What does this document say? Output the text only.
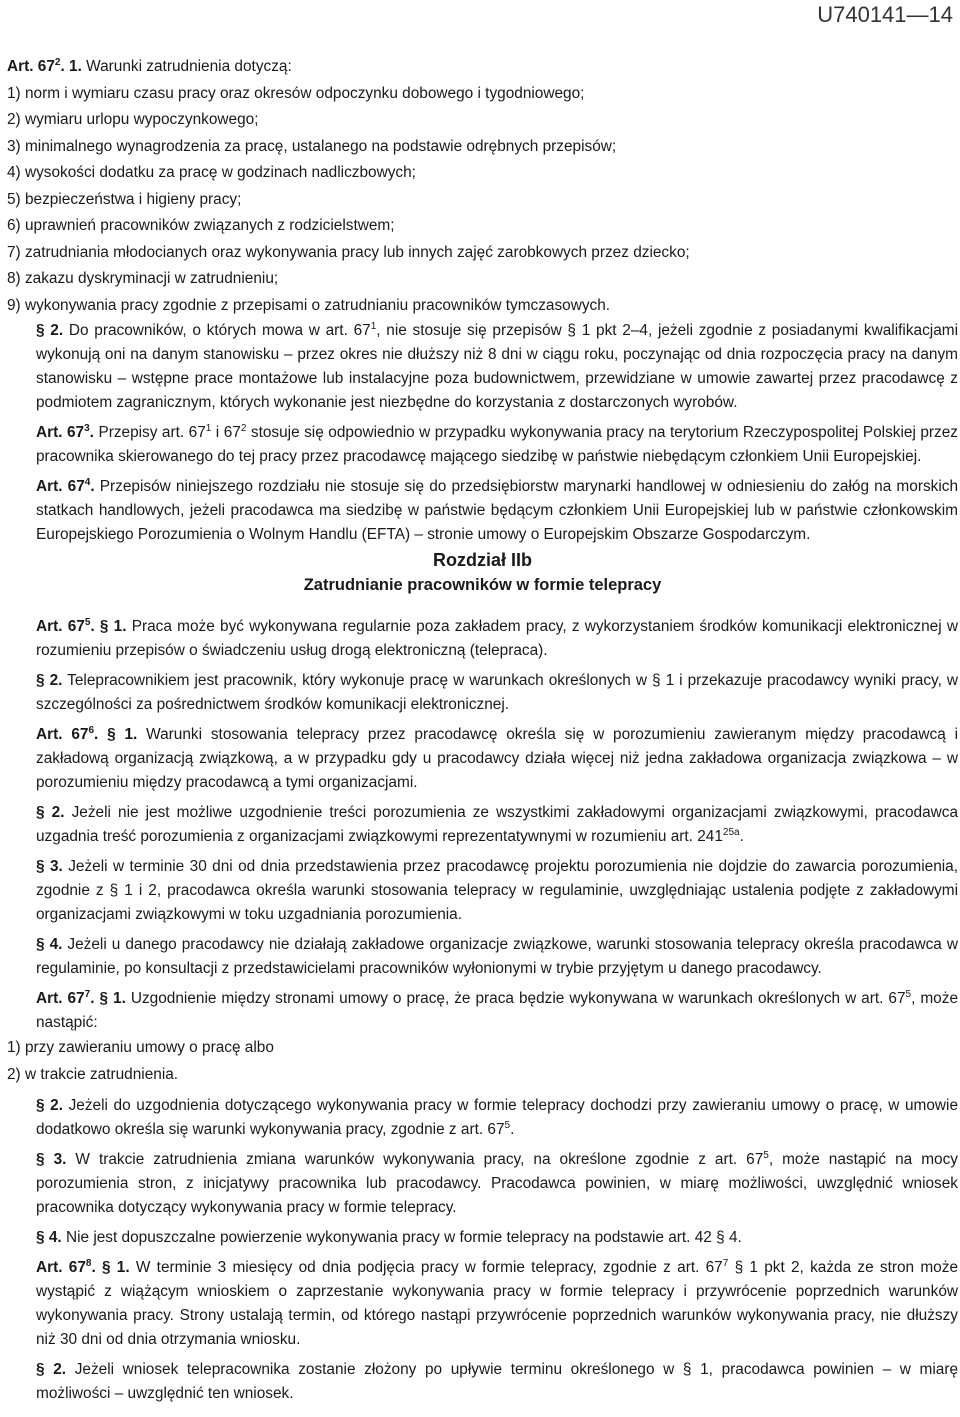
U740141—14

Art. $67^2$. 1. Warunki zatrudnienia dotyczą:

1) norm i wymiaru czasu pracy oraz okresów odpoczynku dobowego i tygodniowego;

2) wymiaru urlopu wypoczynkowego;

3) minimalnego wynagrodzenia za pracę, ustalanego na podstawie odrębnych przepisów;

4) wysokości dodatku za pracę w godzinach nadliczbowych;

5) bezpieczeństwa i higieny pracy;

6) uprawnień pracowników związanych z rodzicielstwem;

7) zatrudniania młodocianych oraz wykonywania pracy lub innych zajęć zarobkowych przez dziecko;

8) zakazu dyskryminacji w zatrudnieniu;

9) wykonywania pracy zgodnie z przepisami o zatrudnianiu pracowników tymczasowych.

§ 2. Do pracowników, o których mowa w art. $67^1$, nie stosuje się przepisów § 1 pkt 2–4, jeżeli zgodnie z posiadanymi kwalifikacjami wykonują oni na danym stanowisku – przez okres nie dłuższy niż 8 dni w ciągu roku, poczynając od dnia rozpoczęcia pracy na danym stanowisku – wstępne prace montażowe lub instalacyjne poza budownictwem, przewidziane w umowie zawartej przez pracodawcę z podmiotem zagranicznym, których wykonanie jest niezbędne do korzystania z dostarczonych wyrobów.

Art. $67^3$. Przepisy art. $67^1$ i $67^2$ stosuje się odpowiednio w przypadku wykonywania pracy na terytorium Rzeczypospolitej Polskiej przez pracownika skierowanego do tej pracy przez pracodawcę mającego siedzibę w państwie niebędącym członkiem Unii Europejskiej.

Art. $67^4$. Przepisów niniejszego rozdziału nie stosuje się do przedsiębiorstw marynarki handlowej w odniesieniu do załóg na morskich statkach handlowych, jeżeli pracodawca ma siedzibę w państwie będącym członkiem Unii Europejskiej lub w państwie członkowskim Europejskiego Porozumienia o Wolnym Handlu (EFTA) – stronie umowy o Europejskim Obszarze Gospodarczym.

Rozdział IIb

Zatrudnianie pracowników w formie telepracy

Art. $67^5$. § 1. Praca może być wykonywana regularnie poza zakładem pracy, z wykorzystaniem środków komunikacji elektronicznej w rozumieniu przepisów o świadczeniu usług drogą elektroniczną (telepraca).

§ 2. Telepracownikiem jest pracownik, który wykonuje pracę w warunkach określonych w § 1 i przekazuje pracodawcy wyniki pracy, w szczególności za pośrednictwem środków komunikacji elektronicznej.

Art. $67^6$. § 1. Warunki stosowania telepracy przez pracodawcę określa się w porozumieniu zawieranym między pracodawcą i zakładową organizacją związkową, a w przypadku gdy u pracodawcy działa więcej niż jedna zakładowa organizacja związkowa – w porozumieniu między pracodawcą a tymi organizacjami.

§ 2. Jeżeli nie jest możliwe uzgodnienie treści porozumienia ze wszystkimi zakładowymi organizacjami związkowymi, pracodawca uzgadnia treść porozumienia z organizacjami związkowymi reprezentatywnymi w rozumieniu art. $241^{25a}$.

§ 3. Jeżeli w terminie 30 dni od dnia przedstawienia przez pracodawcę projektu porozumienia nie dojdzie do zawarcia porozumienia, zgodnie z § 1 i 2, pracodawca określa warunki stosowania telepracy w regulaminie, uwzględniając ustalenia podjęte z zakładowymi organizacjami związkowymi w toku uzgadniania porozumienia.

§ 4. Jeżeli u danego pracodawcy nie działają zakładowe organizacje związkowe, warunki stosowania telepracy określa pracodawca w regulaminie, po konsultacji z przedstawicielami pracowników wyłonionymi w trybie przyjętym u danego pracodawcy.

Art. $67^7$. § 1. Uzgodnienie między stronami umowy o pracę, że praca będzie wykonywana w warunkach określonych w art. $67^5$, może nastąpić:

1) przy zawieraniu umowy o pracę albo

2) w trakcie zatrudnienia.

§ 2. Jeżeli do uzgodnienia dotyczącego wykonywania pracy w formie telepracy dochodzi przy zawieraniu umowy o pracę, w umowie dodatkowo określa się warunki wykonywania pracy, zgodnie z art. $67^5$.

§ 3. W trakcie zatrudnienia zmiana warunków wykonywania pracy, na określone zgodnie z art. $67^5$, może nastąpić na mocy porozumienia stron, z inicjatywy pracownika lub pracodawcy. Pracodawca powinien, w miarę możliwości, uwzględnić wniosek pracownika dotyczący wykonywania pracy w formie telepracy.

§ 4. Nie jest dopuszczalne powierzenie wykonywania pracy w formie telepracy na podstawie art. 42 § 4.

Art. $67^8$. § 1. W terminie 3 miesięcy od dnia podjęcia pracy w formie telepracy, zgodnie z art. $67^7$ § 1 pkt 2, każda ze stron może wystąpić z wiążącym wnioskiem o zaprzestanie wykonywania pracy w formie telepracy i przywrócenie poprzednich warunków wykonywania pracy. Strony ustalają termin, od którego nastąpi przywrócenie poprzednich warunków wykonywania pracy, nie dłuższy niż 30 dni od dnia otrzymania wniosku.

§ 2. Jeżeli wniosek telepracownika zostanie złożony po upływie terminu określonego w § 1, pracodawca powinien – w miarę możliwości – uwzględnić ten wniosek.
